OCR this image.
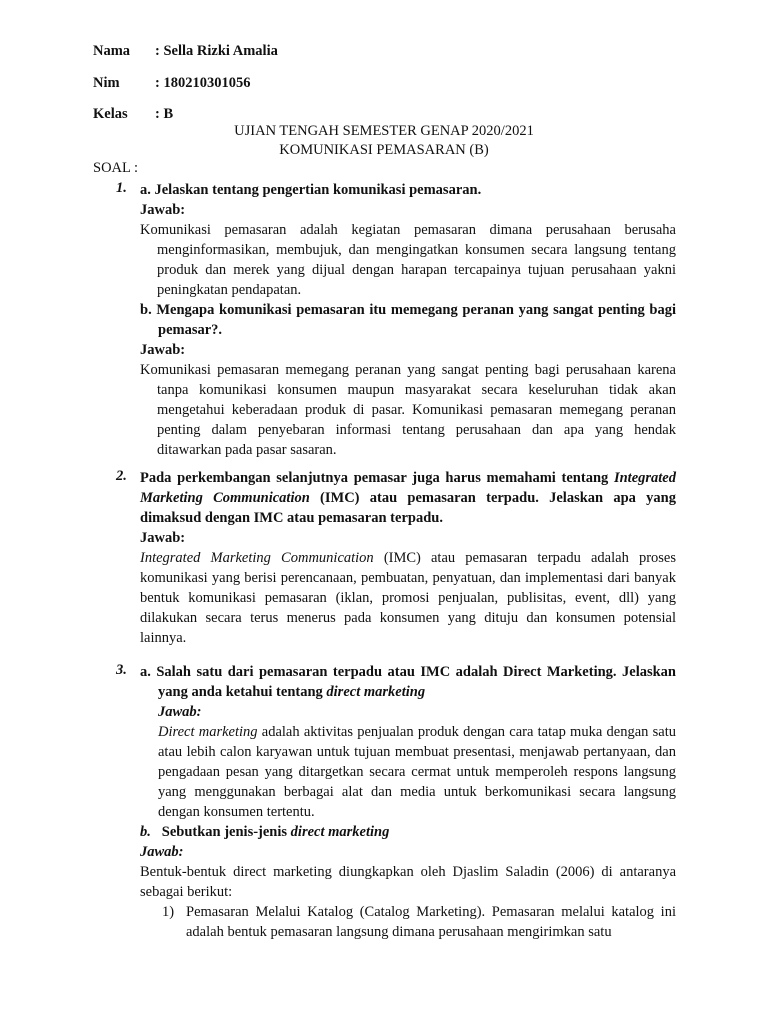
Nama : Sella Rizki Amalia
Nim : 180210301056
Kelas : B
UJIAN TENGAH SEMESTER GENAP 2020/2021
KOMUNIKASI PEMASARAN (B)
SOAL :
1. a. Jelaskan tentang pengertian komunikasi pemasaran.
Jawab:
Komunikasi pemasaran adalah kegiatan pemasaran dimana perusahaan berusaha menginformasikan, membujuk, dan mengingatkan konsumen secara langsung tentang produk dan merek yang dijual dengan harapan tercapainya tujuan perusahaan yakni peningkatan pendapatan.
b. Mengapa komunikasi pemasaran itu memegang peranan yang sangat penting bagi pemasar?.
Jawab:
Komunikasi pemasaran memegang peranan yang sangat penting bagi perusahaan karena tanpa komunikasi konsumen maupun masyarakat secara keseluruhan tidak akan mengetahui keberadaan produk di pasar. Komunikasi pemasaran memegang peranan penting dalam penyebaran informasi tentang perusahaan dan apa yang hendak ditawarkan pada pasar sasaran.
2. Pada perkembangan selanjutnya pemasar juga harus memahami tentang Integrated Marketing Communication (IMC) atau pemasaran terpadu. Jelaskan apa yang dimaksud dengan IMC atau pemasaran terpadu.
Jawab:
Integrated Marketing Communication (IMC) atau pemasaran terpadu adalah proses komunikasi yang berisi perencanaan, pembuatan, penyatuan, dan implementasi dari banyak bentuk komunikasi pemasaran (iklan, promosi penjualan, publisitas, event, dll) yang dilakukan secara terus menerus pada konsumen yang dituju dan konsumen potensial lainnya.
3. a. Salah satu dari pemasaran terpadu atau IMC adalah Direct Marketing. Jelaskan yang anda ketahui tentang direct marketing
Jawab:
Direct marketing adalah aktivitas penjualan produk dengan cara tatap muka dengan satu atau lebih calon karyawan untuk tujuan membuat presentasi, menjawab pertanyaan, dan pengadaan pesan yang ditargetkan secara cermat untuk memperoleh respons langsung yang menggunakan berbagai alat dan media untuk berkomunikasi secara langsung dengan konsumen tertentu.
b. Sebutkan jenis-jenis direct marketing
Jawab:
Bentuk-bentuk direct marketing diungkapkan oleh Djaslim Saladin (2006) di antaranya sebagai berikut:
1) Pemasaran Melalui Katalog (Catalog Marketing). Pemasaran melalui katalog ini adalah bentuk pemasaran langsung dimana perusahaan mengirimkan satu
